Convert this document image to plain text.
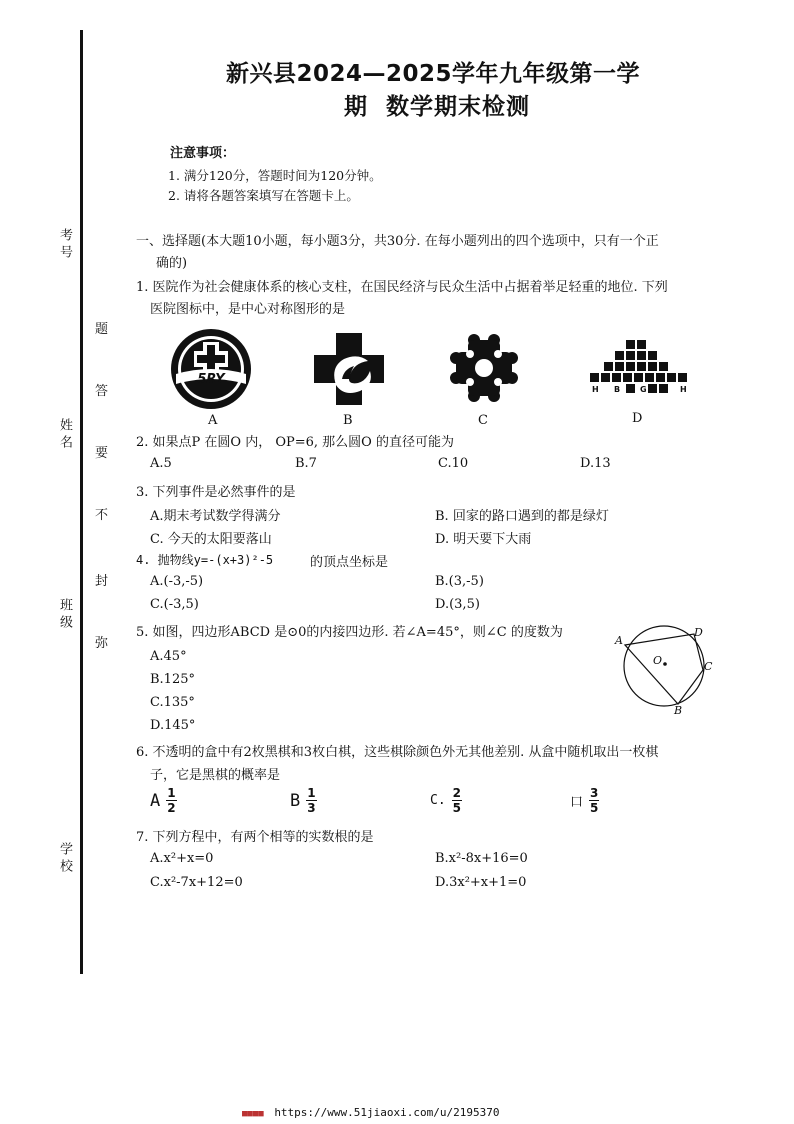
考号
姓名
班级
学校
题
答
要
不
封
弥
新兴县2024—2025学年九年级第一学
期  数学期末检测
注意事项：
1. 满分120分，答题时间为120分钟。
2. 请将各题答案填写在答题卡上。
一、选择题(本大题10小题，每小题3分，共30分. 在每小题列出的四个选项中，只有一个正
确的)
1. 医院作为社会健康体系的核心支柱，在国民经济与民众生活中占据着举足轻重的地位. 下列
医院图标中，是中心对称图形的是
5RY
A	B	C
H B G	H
D
2. 如果点P 在圆O 内， OP=6, 那么圆O 的直径可能为
A.5	B.7	C.10	D.13
3. 下列事件是必然事件的是
A.期末考试数学得满分	B. 回家的路口遇到的都是绿灯
C. 今天的太阳要落山	D. 明天要下大雨
4. 抛物线y=-(x+3)²-5	的顶点坐标是
A.(-3,-5)	B.(3,-5)
C.(-3,5)	D.(3,5)
5. 如图，四边形ABCD 是⊙0的内接四边形. 若∠A=45°，则∠C 的度数为
A.45°
B.125°
C.135°
D.145°
A
D
O	C
B
6. 不透明的盒中有2枚黑棋和3枚白棋，这些棋除颜色外无其他差别. 从盒中随机取出一枚棋
子，它是黑棋的概率是
A $\frac{1}{2}$	B $\frac{1}{3}$	C. $\frac{2}{5}$	口 $\frac{3}{5}$
7. 下列方程中，有两个相等的实数根的是
A.x²+x=0	B.x²-8x+16=0
C.x²-7x+12=0	D.3x²+x+1=0
■■■■ https://www.51jiaoxi.com/u/2195370
